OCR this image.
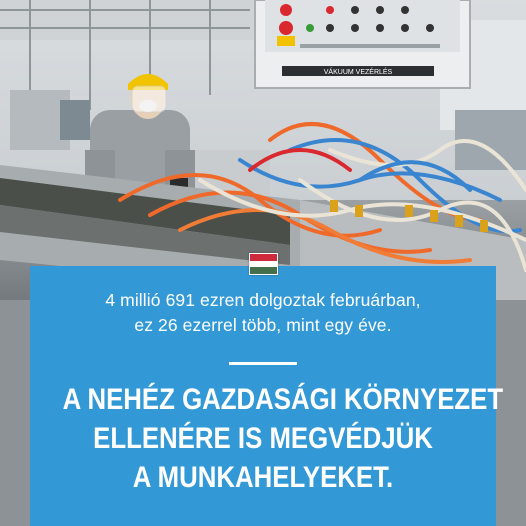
VÁKUUM VEZÉRLÉS
4 millió 691 ezren dolgoztak februárban,
ez 26 ezerrel több, mint egy éve.
A NEHÉZ GAZDASÁGI KÖRNYEZET
ELLENÉRE IS MEGVÉDJÜK
A MUNKAHELYEKET.
